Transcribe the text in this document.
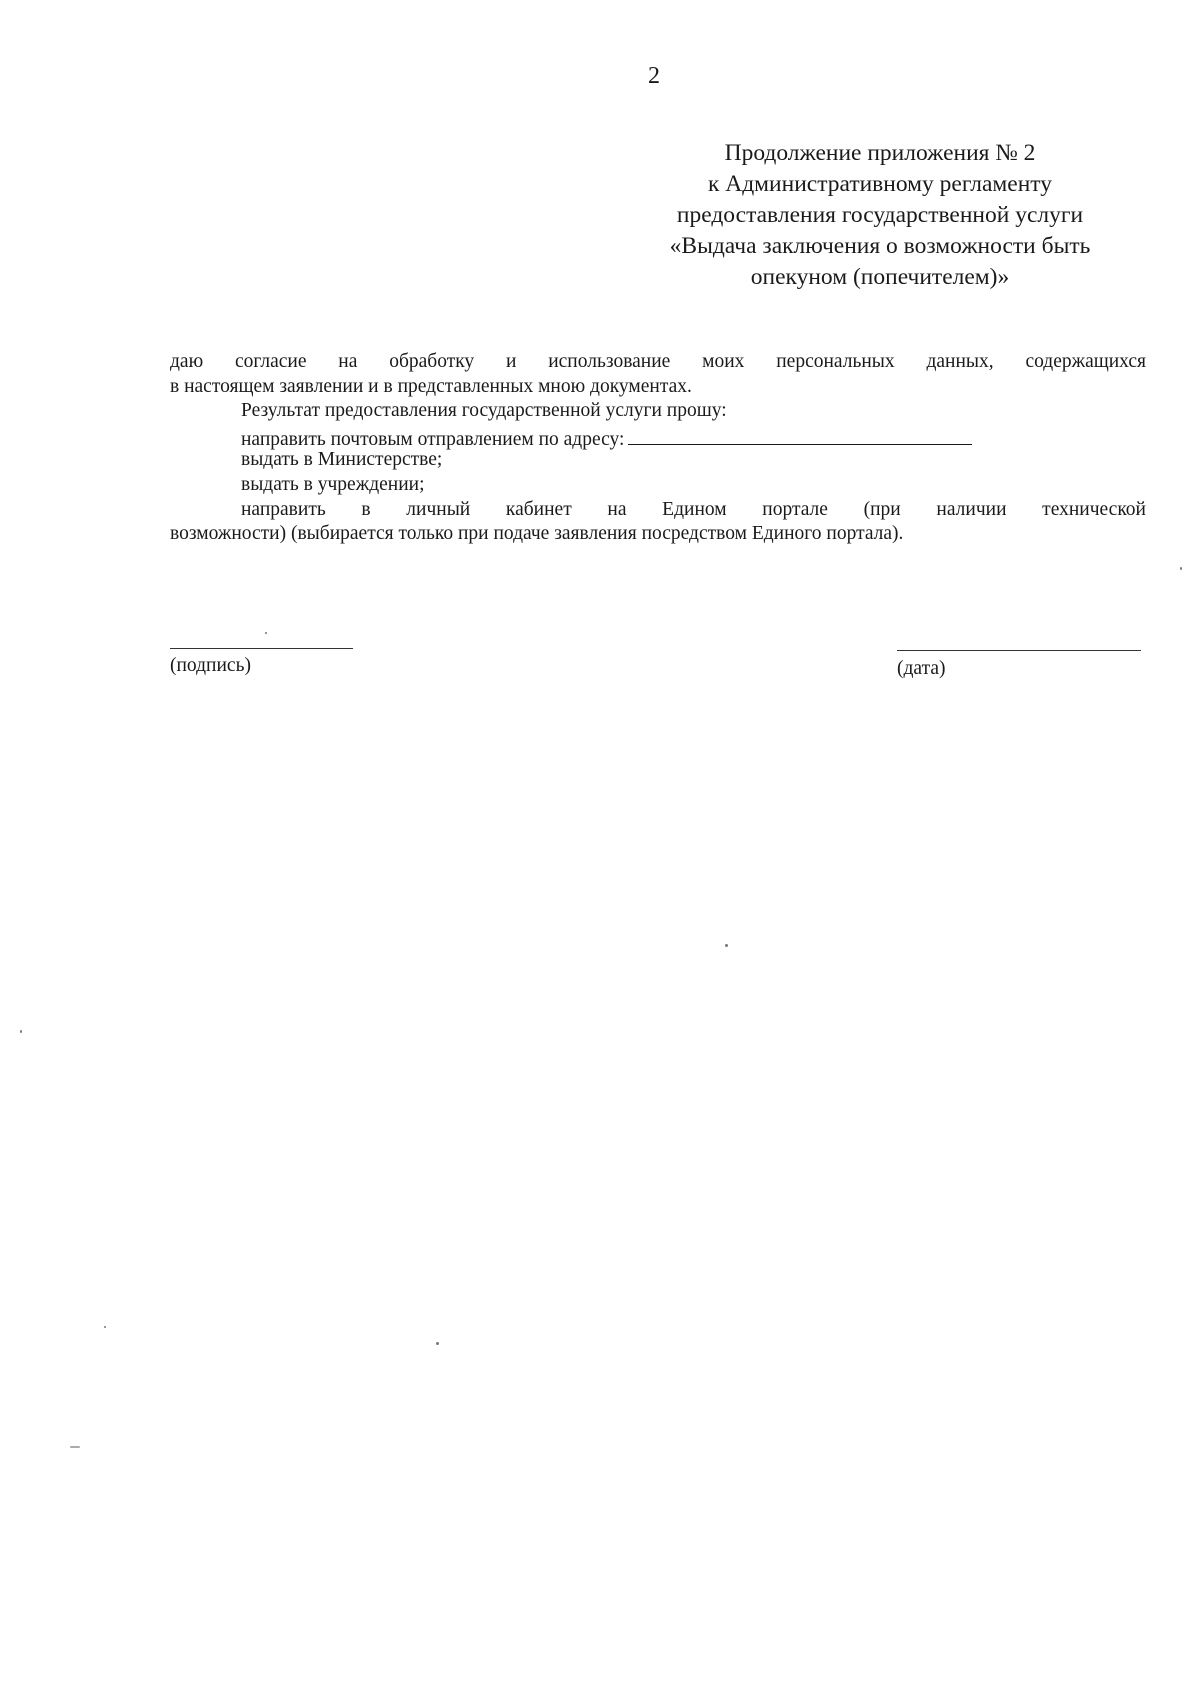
2
Продолжение приложения № 2
к Административному регламенту
предоставления государственной услуги
«Выдача заключения о возможности быть
опекуном (попечителем)»
даю согласие на обработку и использование моих персональных данных, содержащихся
в настоящем заявлении и в представленных мною документах.
Результат предоставления государственной услуги прошу:
направить почтовым отправлением по адресу:
выдать в Министерстве;
выдать в учреждении;
направить в личный кабинет на Едином портале (при наличии технической
возможности) (выбирается только при подаче заявления посредством Единого портала).
(подпись)	(дата)
